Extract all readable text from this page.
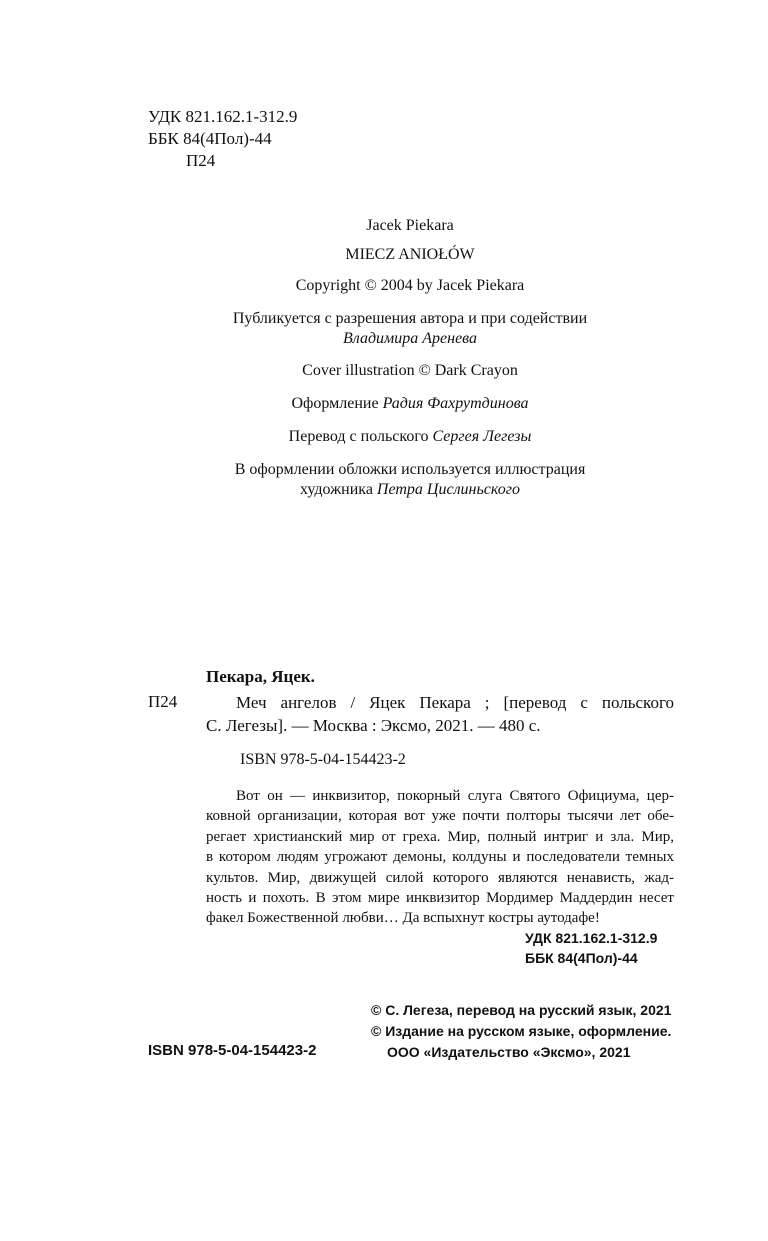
УДК 821.162.1-312.9
ББК 84(4Пол)-44
П24
Jacek Piekara
MIECZ ANIOŁÓW
Copyright © 2004 by Jacek Piekara
Публикуется с разрешения автора и при содействии
Владимира Аренева
Cover illustration © Dark Crayon
Оформление Радия Фахрутдинова
Перевод с польского Сергея Легезы
В оформлении обложки используется иллюстрация
художника Петра Цислиньского
Пекара, Яцек.
П24	Меч ангелов / Яцек Пекара ; [перевод с польского
С. Легезы]. — Москва : Эксмо, 2021. — 480 с.
ISBN 978-5-04-154423-2
Вот он — инквизитор, покорный слуга Святого Официума, цер-
ковной организации, которая вот уже почти полторы тысячи лет обе-
регает христианский мир от греха. Мир, полный интриг и зла. Мир,
в котором людям угрожают демоны, колдуны и последователи темных
культов. Мир, движущей силой которого являются ненависть, жад-
ность и похоть. В этом мире инквизитор Мордимер Маддердин несет
факел Божественной любви… Да вспыхнут костры аутодафе!
УДК 821.162.1-312.9
ББК 84(4Пол)-44
ISBN 978-5-04-154423-2
© С. Легеза, перевод на русский язык, 2021
© Издание на русском языке, оформление.
ООО «Издательство «Эксмо», 2021
